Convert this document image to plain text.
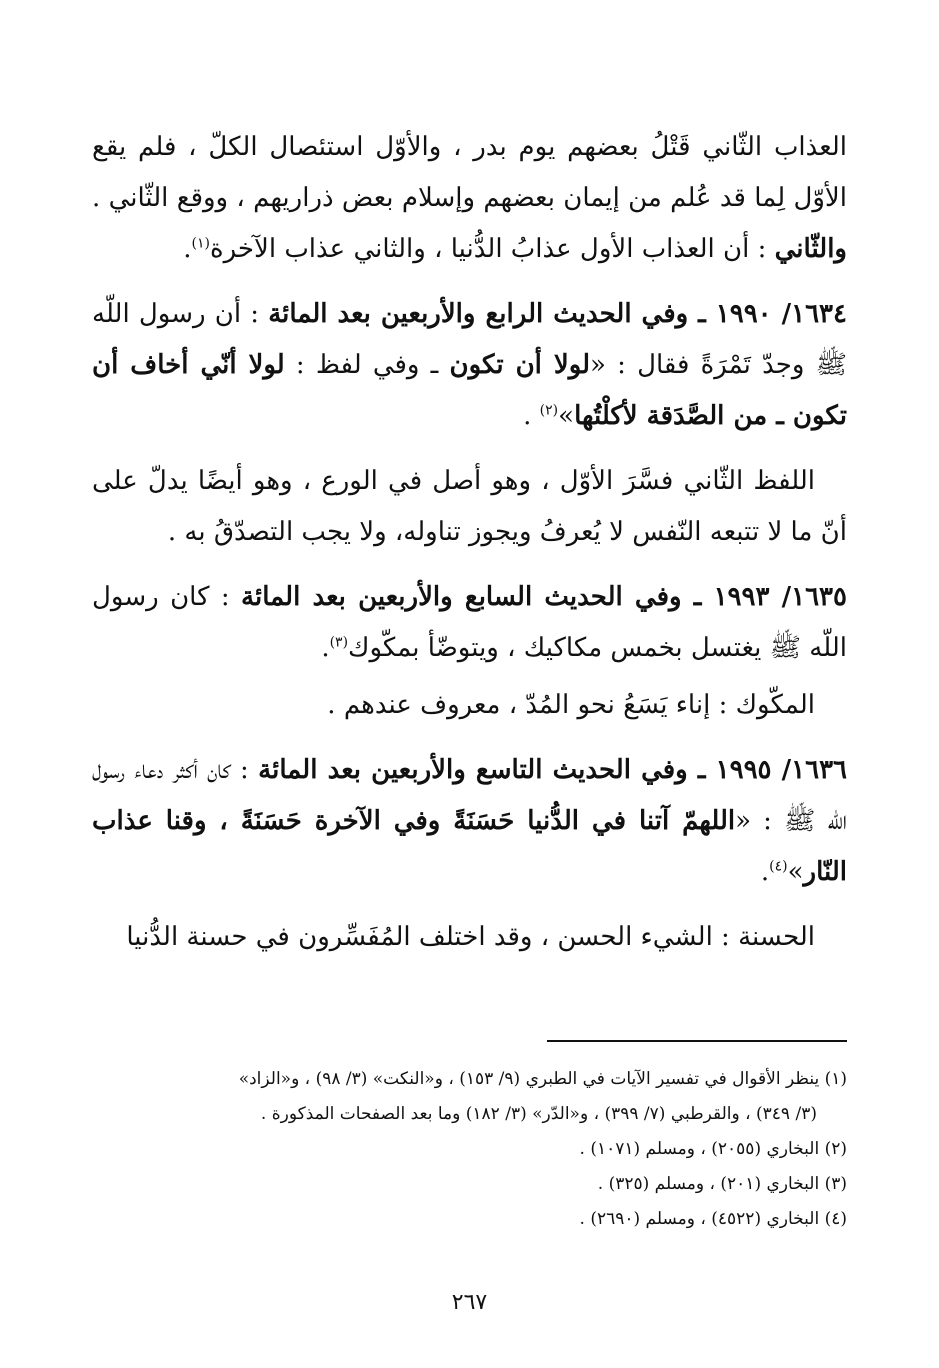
العذاب الثّاني قَتْلُ بعضهم يوم بدر ، والأوّل استئصال الكلّ ، فلم يقع الأوّل لِما قد عُلم من إيمان بعضهم وإسلام بعض ذراريهم ، ووقع الثّاني . والثّاني : أن العذاب الأول عذابُ الدُّنيا ، والثاني عذاب الآخرة$^{(١)}$.

١٦٣٤/ ١٩٩٠ ـ وفي الحديث الرابع والأربعين بعد المائة : أن رسول اللّه ﷺ وجدّ تَمْرَةً فقال : «لولا أن تكون ـ وفي لفظ : لولا أنّي أخاف أن تكون ـ من الصَّدَقة لأكلْتُها»$^{(٢)}$ .

اللفظ الثّاني فسَّرَ الأوّل ، وهو أصل في الورع ، وهو أيضًا يدلّ على أنّ ما لا تتبعه النّفس لا يُعرفُ ويجوز تناوله، ولا يجب التصدّقُ به .

١٦٣٥/ ١٩٩٣ ـ وفي الحديث السابع والأربعين بعد المائة : كان رسول اللّه ﷺ يغتسل بخمس مكاكيك ، ويتوضّأ بمكّوك$^{(٣)}$.

المكّوك : إناء يَسَعُ نحو المُدّ ، معروف عندهم .

١٦٣٦/ ١٩٩٥ ـ وفي الحديث التاسع والأربعين بعد المائة : كان أكثر دعاء رسول اللّه ﷺ : «اللهمّ آتنا في الدُّنيا حَسَنَةً وفي الآخرة حَسَنَةً ، وقنا عذاب النّار»$^{(٤)}$.

الحسنة : الشيء الحسن ، وقد اختلف المُفَسِّرون في حسنة الدُّنيا

(١) ينظر الأقوال في تفسير الآيات في الطبري (٩/ ١٥٣) ، و«النكت» (٣/ ٩٨) ، و«الزاد»

(٣/ ٣٤٩) ، والقرطبي (٧/ ٣٩٩) ، و«الدّر» (٣/ ١٨٢) وما بعد الصفحات المذكورة .

(٢) البخاري (٢٠٥٥) ، ومسلم (١٠٧١) .

(٣) البخاري (٢٠١) ، ومسلم (٣٢٥) .

(٤) البخاري (٤٥٢٢) ، ومسلم (٢٦٩٠) .

٢٦٧
